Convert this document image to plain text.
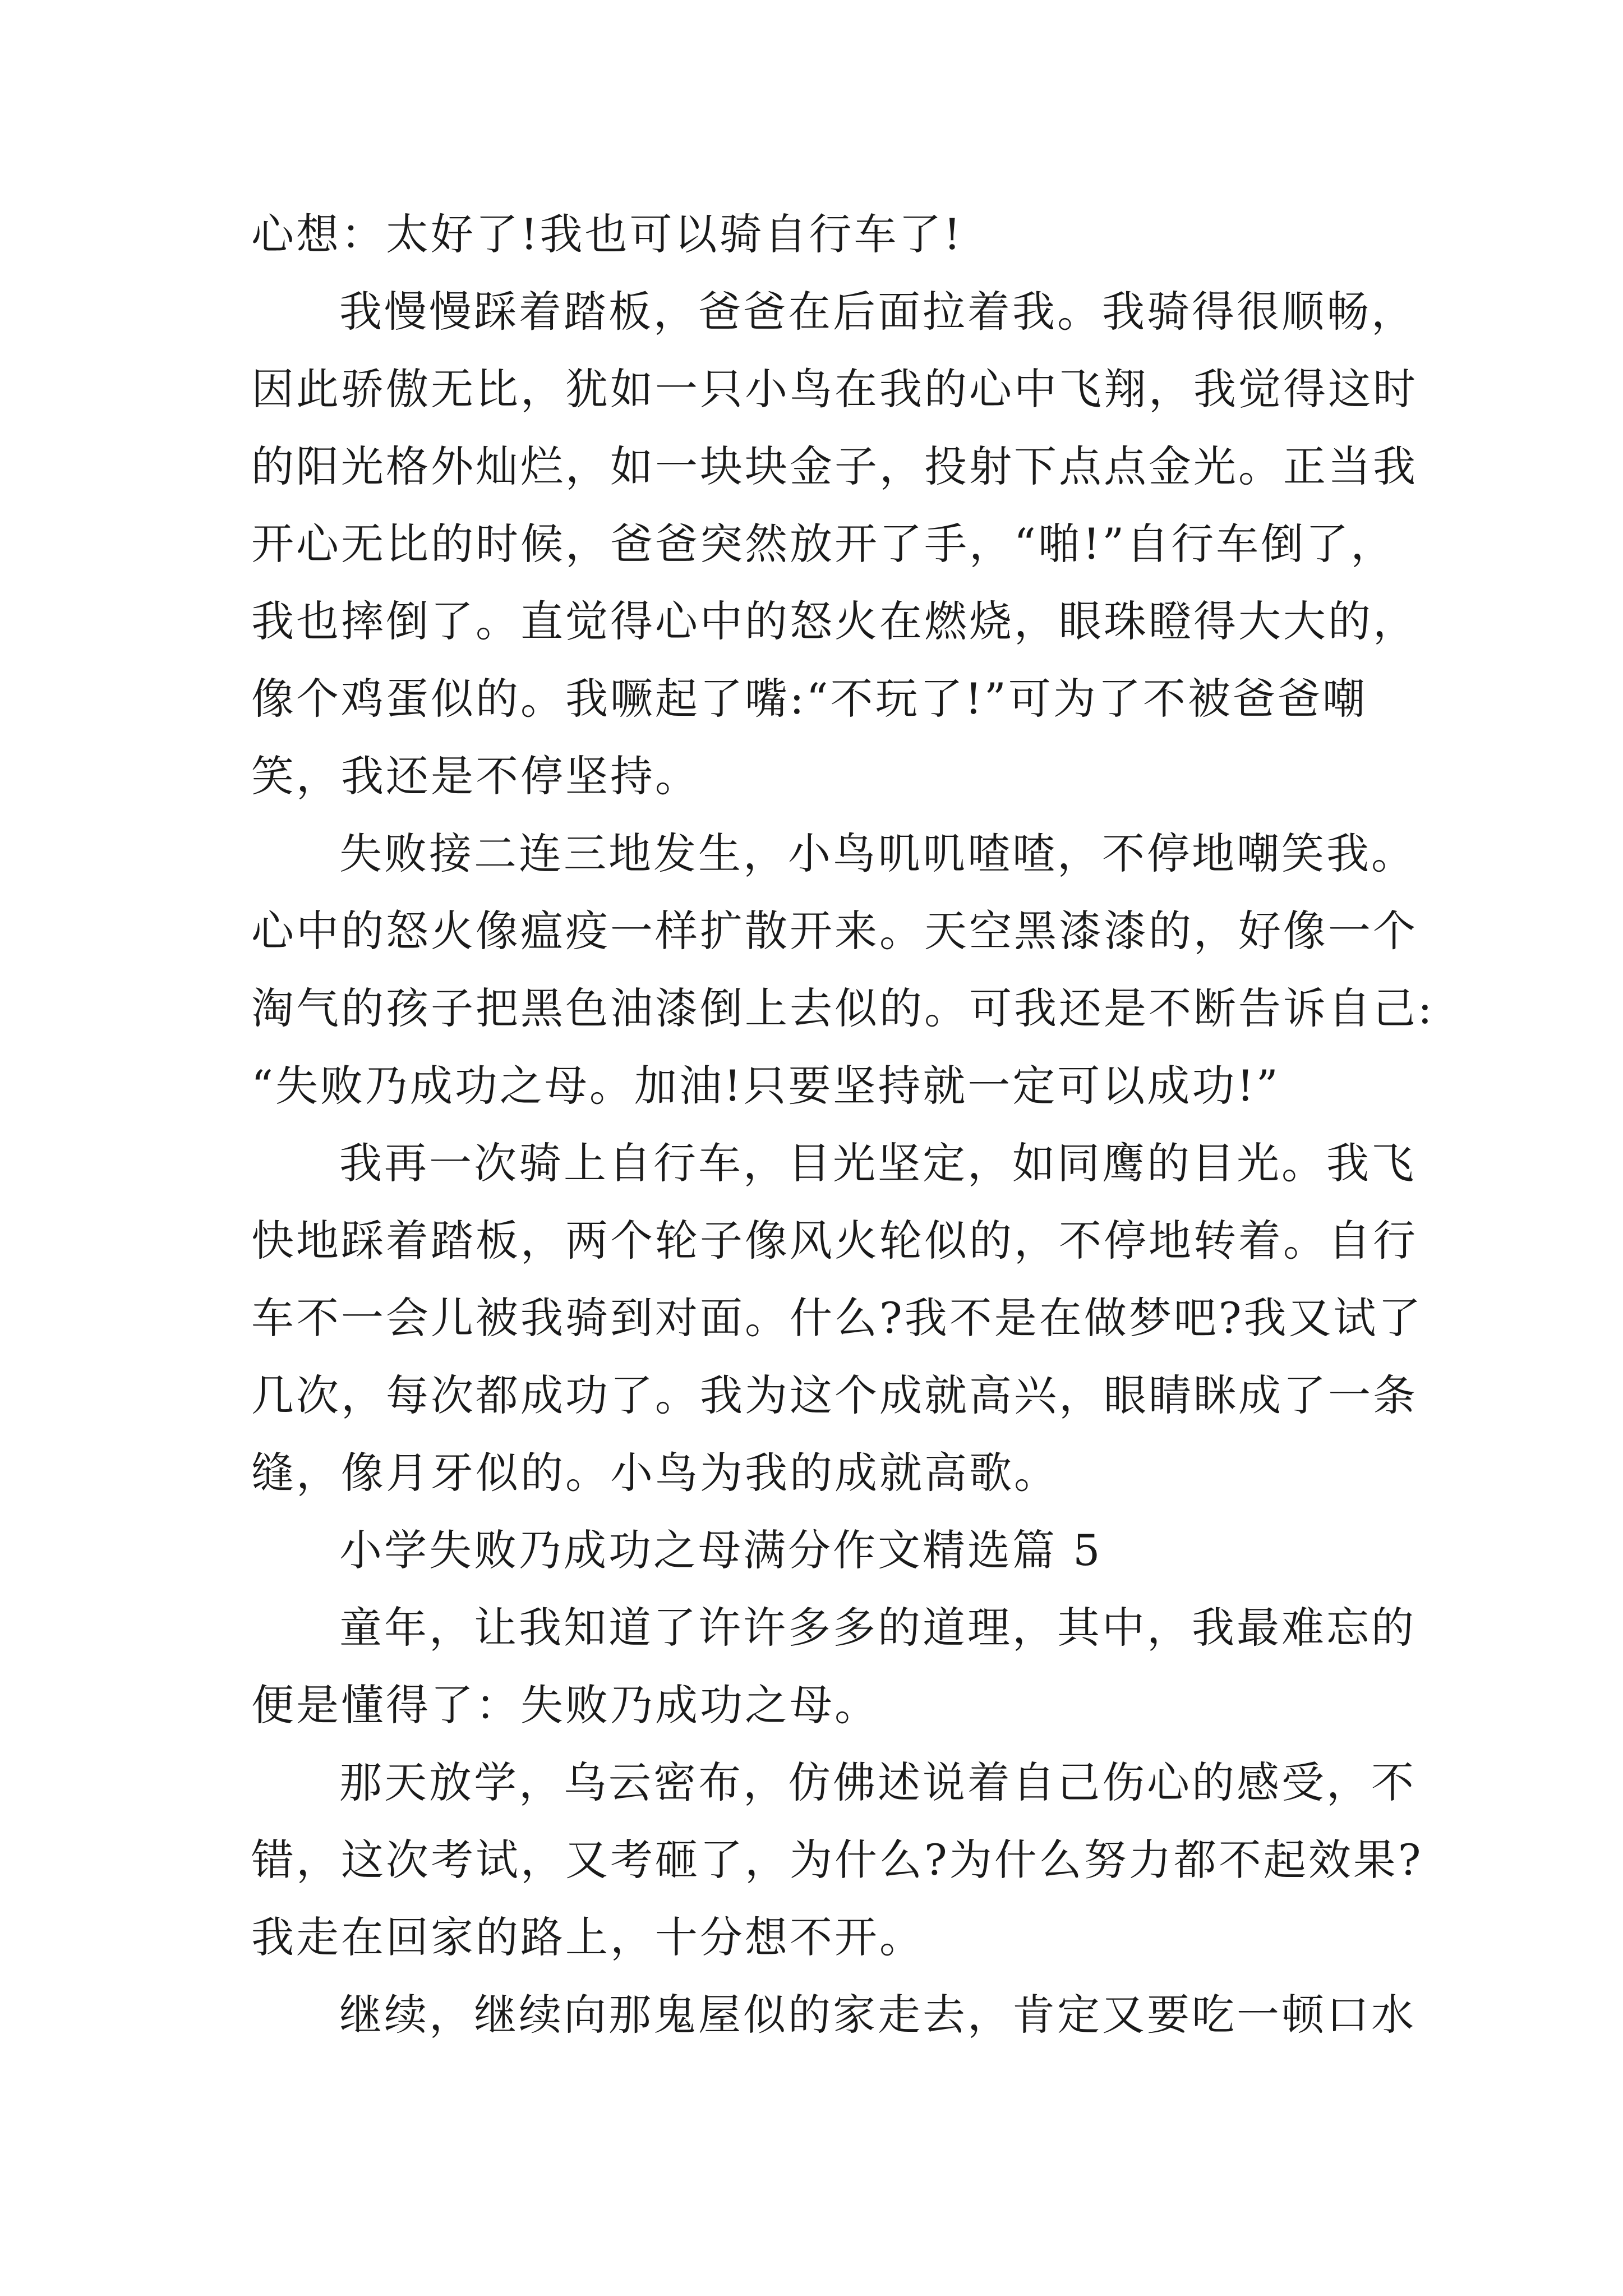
心想：太好了!我也可以骑自行车了!
我慢慢踩着踏板，爸爸在后面拉着我。我骑得很顺畅，
因此骄傲无比，犹如一只小鸟在我的心中飞翔，我觉得这时
的阳光格外灿烂，如一块块金子，投射下点点金光。正当我
开心无比的时候，爸爸突然放开了手，“啪!”自行车倒了，
我也摔倒了。直觉得心中的怒火在燃烧，眼珠瞪得大大的，
像个鸡蛋似的。我噘起了嘴:“不玩了!”可为了不被爸爸嘲
笑，我还是不停坚持。
失败接二连三地发生，小鸟叽叽喳喳，不停地嘲笑我。
心中的怒火像瘟疫一样扩散开来。天空黑漆漆的，好像一个
淘气的孩子把黑色油漆倒上去似的。可我还是不断告诉自己:
“失败乃成功之母。加油!只要坚持就一定可以成功!”
我再一次骑上自行车，目光坚定，如同鹰的目光。我飞
快地踩着踏板，两个轮子像风火轮似的，不停地转着。自行
车不一会儿被我骑到对面。什么?我不是在做梦吧?我又试了
几次，每次都成功了。我为这个成就高兴，眼睛眯成了一条
缝，像月牙似的。小鸟为我的成就高歌。
小学失败乃成功之母满分作文精选篇 5
童年，让我知道了许许多多的道理，其中，我最难忘的
便是懂得了：失败乃成功之母。
那天放学，乌云密布，仿佛述说着自己伤心的感受，不
错，这次考试，又考砸了，为什么?为什么努力都不起效果?
我走在回家的路上，十分想不开。
继续，继续向那鬼屋似的家走去，肯定又要吃一顿口水
